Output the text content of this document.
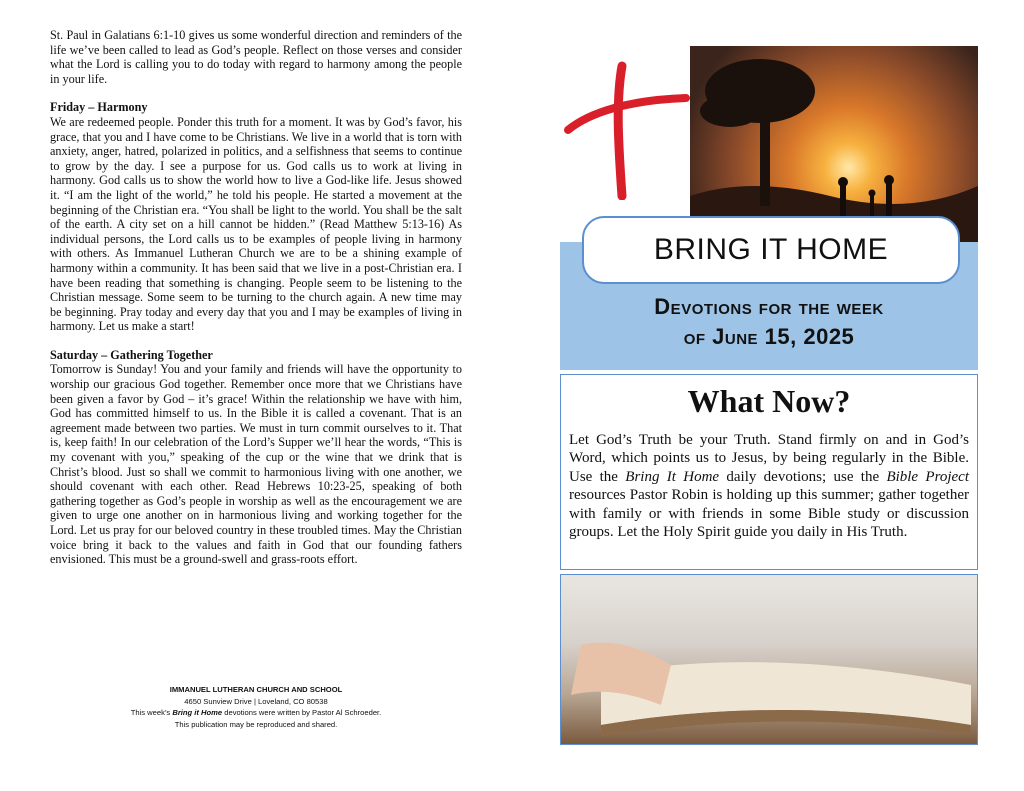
St. Paul in Galatians 6:1-10 gives us some wonderful direction and reminders of the life we’ve been called to lead as God’s people. Reflect on those verses and consider what the Lord is calling you to do today with regard to harmony among the people in your life.

Friday – Harmony

We are redeemed people. Ponder this truth for a moment. It was by God’s favor, his grace, that you and I have come to be Christians. We live in a world that is torn with anxiety, anger, hatred, polarized in politics, and a selfishness that seems to continue to grow by the day. I see a purpose for us. God calls us to work at living in harmony. God calls us to show the world how to live a God-like life. Jesus showed it. “I am the light of the world,” he told his people. He started a movement at the beginning of the Christian era. “You shall be light to the world. You shall be the salt of the earth. A city set on a hill cannot be hidden.” (Read Matthew 5:13-16) As individual persons, the Lord calls us to be examples of people living in harmony with others. As Immanuel Lutheran Church we are to be a shining example of harmony within a community. It has been said that we live in a post-Christian era. I have been reading that something is changing. People seem to be listening to the Christian message. Some seem to be turning to the church again. A new time may be beginning. Pray today and every day that you and I may be examples of living in harmony. Let us make a start!

Saturday – Gathering Together

Tomorrow is Sunday! You and your family and friends will have the opportunity to worship our gracious God together. Remember once more that we Christians have been given a favor by God – it’s grace! Within the relationship we have with him, God has committed himself to us. In the Bible it is called a covenant. That is an agreement made between two parties. We must in turn commit ourselves to it. That is, keep faith! In our celebration of the Lord’s Supper we’ll hear the words, “This is my covenant with you,” speaking of the cup or the wine that we drink that is Christ’s blood. Just so shall we commit to harmonious living with one another, we should covenant with each other. Read Hebrews 10:23-25, speaking of both gathering together as God’s people in worship as well as the encouragement we are given to urge one another on in harmonious living and working together for the Lord. Let us pray for our beloved country in these troubled times. May the Christian voice bring it back to the values and faith in God that our founding fathers envisioned. This must be a ground-swell and grass-roots effort.

IMMANUEL LUTHERAN CHURCH AND SCHOOL
4650 Sunview Drive | Loveland, CO 80538
This week’s Bring it Home devotions were written by Pastor Al Schroeder.
This publication may be reproduced and shared.
BRING IT HOME
Devotions for the week
of June 15, 2025
What Now?
Let God’s Truth be your Truth. Stand firmly on and in God’s Word, which points us to Jesus, by being regularly in the Bible. Use the Bring It Home daily devotions; use the Bible Project resources Pastor Robin is holding up this summer; gather together with family or with friends in some Bible study or discussion groups. Let the Holy Spirit guide you daily in His Truth.
